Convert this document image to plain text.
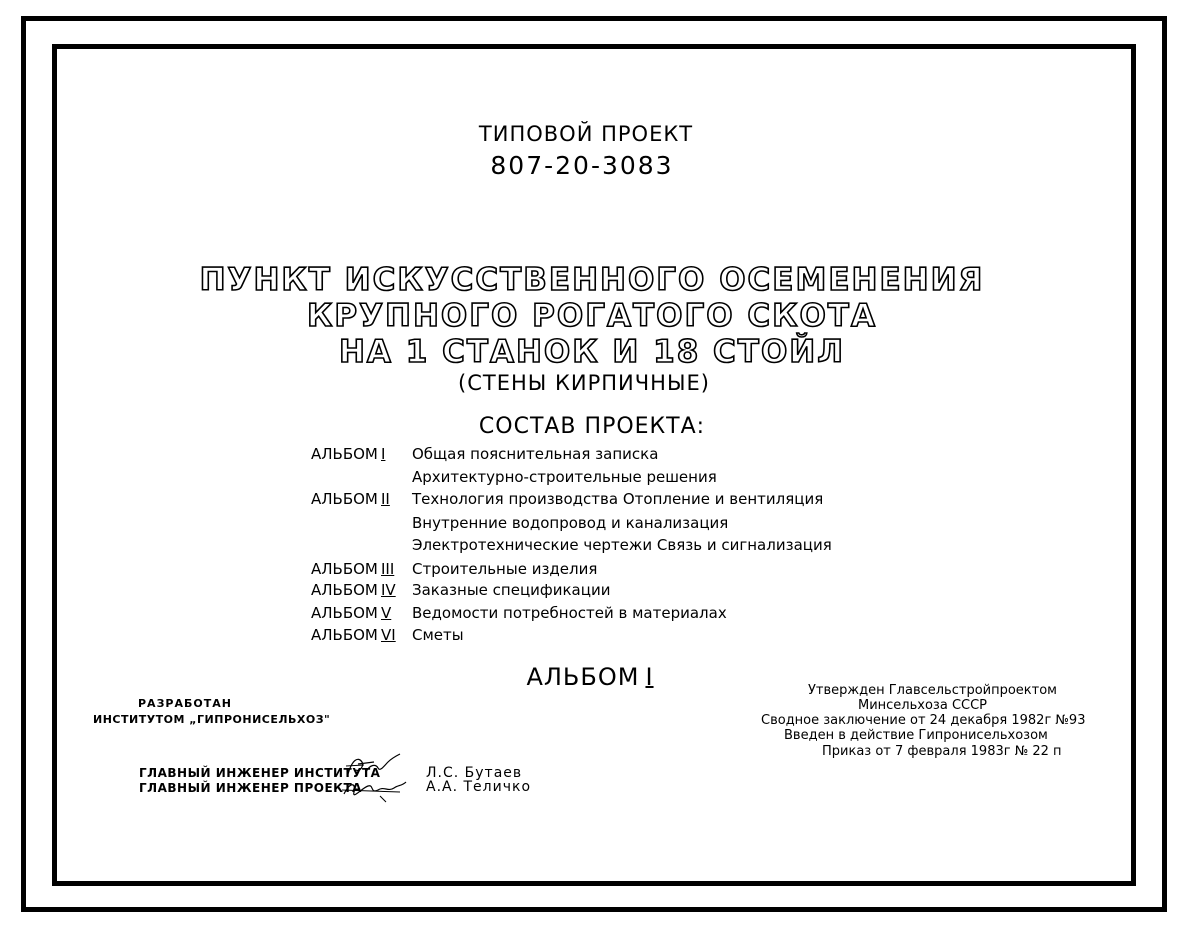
ТИПОВОЙ ПРОЕКТ
807-20-3083
ПУНКТ ИСКУССТВЕННОГО ОСЕМЕНЕНИЯ
КРУПНОГО РОГАТОГО СКОТА
НА 1 СТАНОК И 18 СТОЙЛ
(СТЕНЫ КИРПИЧНЫЕ)
СОСТАВ ПРОЕКТА:
АЛЬБОМ I Общая пояснительная записка
Архитектурно-строительные решения
АЛЬБОМ II Технология производства Отопление и вентиляция
Внутренние водопровод и канализация
Электротехнические чертежи Связь и сигнализация
АЛЬБОМ III Строительные изделия
АЛЬБОМ IV Заказные спецификации
АЛЬБОМ V Ведомости потребностей в материалах
АЛЬБОМ VI Сметы
АЛЬБОМ I
РАЗРАБОТАН
ИНСТИТУТОМ „ГИПРОНИСЕЛЬХОЗ"
Утвержден Главсельстройпроектом
Минсельхоза СССР
Сводное заключение от 24 декабря 1982г №93
Введен в действие Гипронисельхозом
Приказ от 7 февраля 1983г № 22 п
ГЛАВНЫЙ ИНЖЕНЕР ИНСТИТУТА
ГЛАВНЫЙ ИНЖЕНЕР ПРОЕКТА
Л.С. Бутаев
А.А. Теличко
